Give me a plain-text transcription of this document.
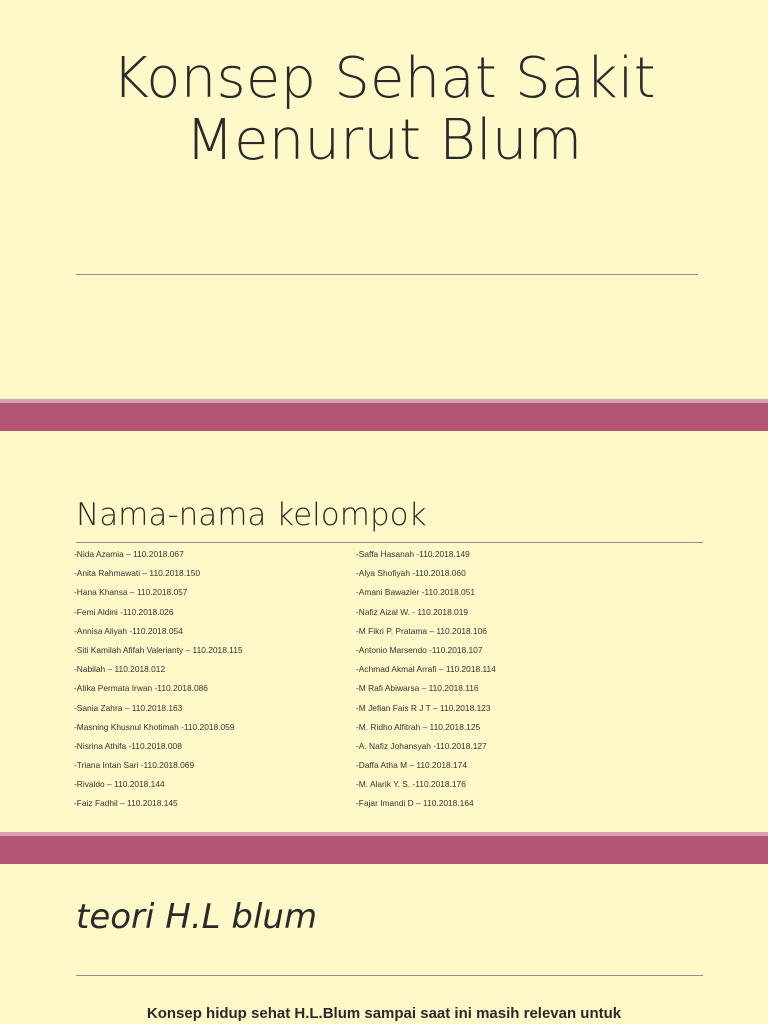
Konsep Sehat Sakit
Menurut Blum
Nama-nama kelompok
-Nida Azamia – 110.2018.067
-Anita Rahmawati – 110.2018.150
-Hana Khansa – 110.2018.057
-Femi Aldini -110.2018.026
-Annisa Aliyah -110.2018.054
-Siti Kamilah Afifah Valerianty – 110.2018.115
-Nabilah – 110.2018.012
-Atika Permata Irwan -110.2018.086
-Sania Zahra – 110.2018.163
-Masning Khusnul Khotimah -110.2018.059
-Nisrina Athifa -110.2018.008
-Triana Intan Sari -110.2018.069
-Rivaldo – 110.2018.144
-Faiz Fadhil – 110.2018.145
-Saffa Hasanah -110.2018.149
-Alya Shofiyah -110.2018.060
-Amani Bawazier -110.2018.051
-Nafiz Aizal W. - 110.2018.019
-M Fikri P. Pratama – 110.2018.106
-Antonio Marsendo -110.2018.107
-Achmad Akmal Arrafi – 110.2018.114
-M Rafi Abiwarsa – 110.2018.116
-M Jefian Fais R J T – 110.2018.123
-M. Ridho Alfitrah – 110.2018.125
-A. Nafiz Johansyah -110.2018.127
-Daffa Atha M – 110.2018.174
-M. Alarik Y. S. -110.2018.176
-Fajar Imandi D – 110.2018.164
teori H.L blum
Konsep hidup sehat H.L.Blum sampai saat ini masih relevan untuk
